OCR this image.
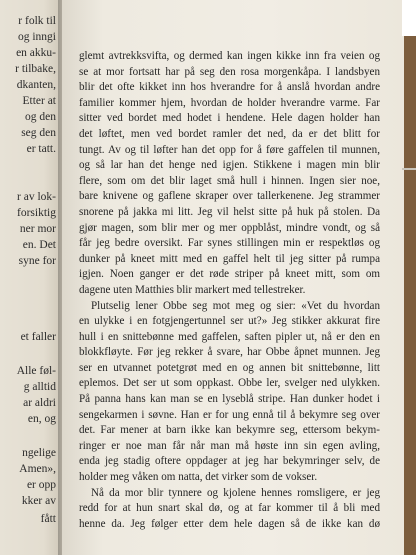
r folk til
og inngi
en akku-
r tilbake,
dkanten,
Etter at
og den
seg den
er tatt.
r av lok-
forsiktig
ner mor
en. Det
syne for
et faller
Alle føl-
g alltid
ar aldri
en, og
ngelige
Amen»,
er opp
kker av
fått
glemt avtrekksvifta, og dermed kan ingen kikke inn fra veien og
se at mor fortsatt har på seg den rosa morgenkåpa. I landsbyen
blir det ofte kikket inn hos hverandre for å anslå hvordan andre
familier kommer hjem, hvordan de holder hverandre varme. Far
sitter ved bordet med hodet i hendene. Hele dagen holder han
det løftet, men ved bordet ramler det ned, da er det blitt for
tungt. Av og til løfter han det opp for å føre gaffelen til munnen,
og så lar han det henge ned igjen. Stikkene i magen min blir
flere, som om det blir laget små hull i hinnen. Ingen sier noe,
bare knivene og gaflene skraper over tallerkenene. Jeg strammer
snorene på jakka mi litt. Jeg vil helst sitte på huk på stolen. Da
gjør magen, som blir mer og mer oppblåst, mindre vondt, og så
får jeg bedre oversikt. Far synes stillingen min er respektløs og
dunker på kneet mitt med en gaffel helt til jeg sitter på rumpa
igjen. Noen ganger er det røde striper på kneet mitt, som om
dagene uten Matthies blir markert med tellestreker.
Plutselig lener Obbe seg mot meg og sier: «Vet du hvordan
en ulykke i en fotgjengertunnel ser ut?» Jeg stikker akkurat fire
hull i en snittebønne med gaffelen, saften pipler ut, nå er den en
blokkfløyte. Før jeg rekker å svare, har Obbe åpnet munnen. Jeg
ser en utvannet potetgrøt med en og annen bit snittebønne, litt
eplemos. Det ser ut som oppkast. Obbe ler, svelger ned ulykken.
På panna hans kan man se en lyseblå stripe. Han dunker hodet i
sengekarmen i søvne. Han er for ung ennå til å bekymre seg over
det. Far mener at barn ikke kan bekymre seg, ettersom bekym-
ringer er noe man får når man må høste inn sin egen avling,
enda jeg stadig oftere oppdager at jeg har bekymringer selv, de
holder meg våken om natta, det virker som de vokser.
Nå da mor blir tynnere og kjolene hennes romsligere, er jeg
redd for at hun snart skal dø, og at far kommer til å bli med
henne da. Jeg følger etter dem hele dagen så de ikke kan dø
